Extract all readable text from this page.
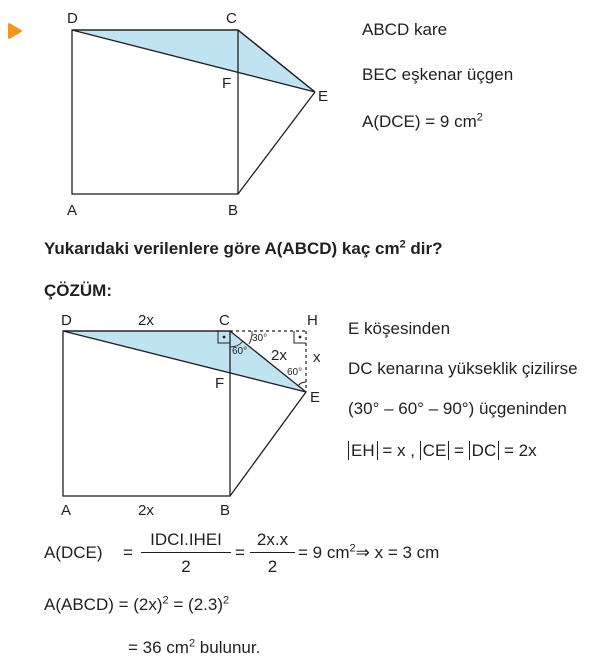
D	C
F
E
A	B
ABCD kare
BEC eşkenar üçgen
A(DCE) = 9 $cm^2$
Yukarıdaki verilenlere göre A(ABCD) kaç $cm^2$ dir?
ÇÖZÜM:
D	2x	C	H
30°
60° 2x x
60°
F
E
A	2x	B
E köşesinden
DC kenarına yükseklik çizilirse
(30° – 60° – 90°) üçgeninden
EH = x , CE = DC = 2x
A(DCE) =
IDCI.IHEI
2
= $\frac{2x.x}{2} = 9$ $cm^2\Rightarrow$ x = 3 cm
A(ABCD) = $(2x)^2 = (2.3)^2$
= 36 $cm^2$ bulunur.
